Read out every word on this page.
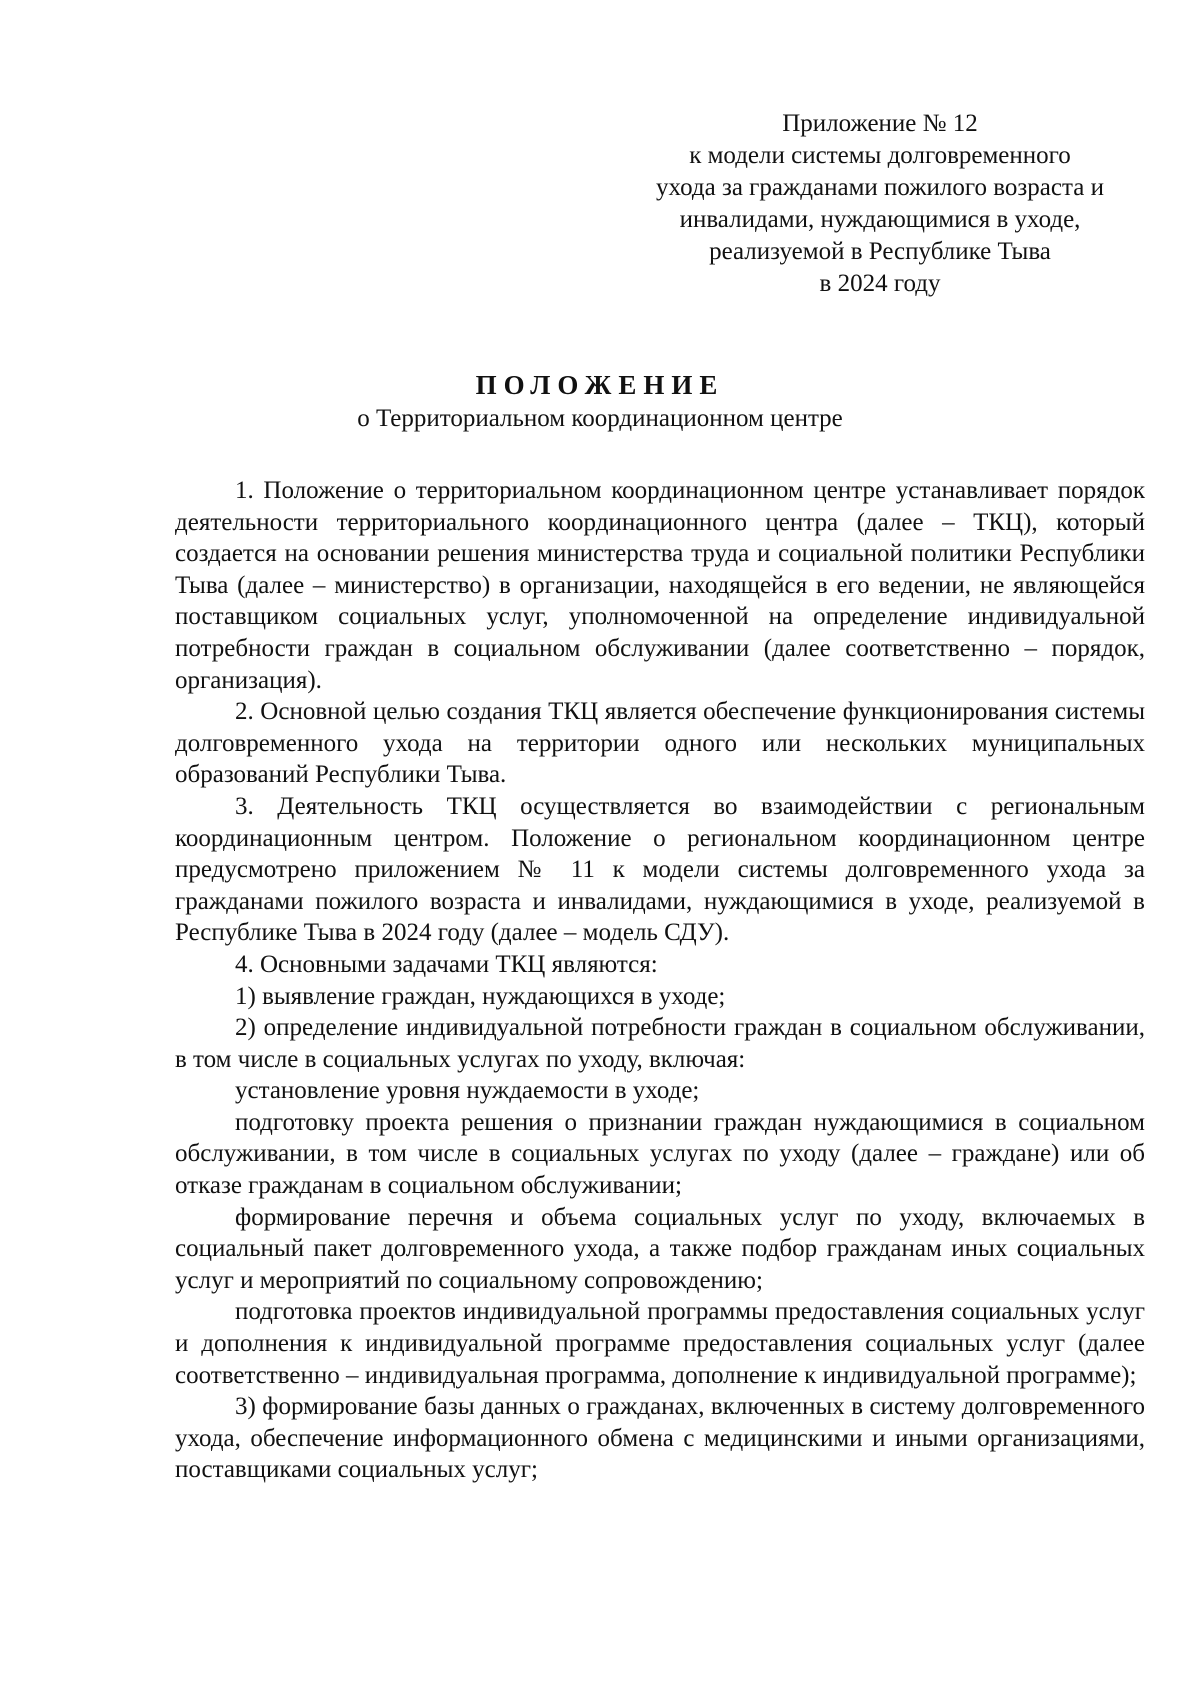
Приложение № 12
к модели системы долговременного
ухода за гражданами пожилого возраста и
инвалидами, нуждающимися в уходе,
реализуемой в Республике Тыва
в 2024 году
ПОЛОЖЕНИЕ
о Территориальном координационном центре

1. Положение о территориальном координационном центре устанавливает порядок деятельности территориального координационного центра (далее – ТКЦ), который создается на основании решения министерства труда и социальной политики Республики Тыва (далее – министерство) в организации, находящейся в его ведении, не являющейся поставщиком социальных услуг, уполномоченной на определение индивидуальной потребности граждан в социальном обслуживании (далее соответственно – порядок, организация).

2. Основной целью создания ТКЦ является обеспечение функционирования системы долговременного ухода на территории одного или нескольких муниципальных образований Республики Тыва.

3. Деятельность ТКЦ осуществляется во взаимодействии с региональным координационным центром. Положение о региональном координационном центре предусмотрено приложением № 11 к модели системы долговременного ухода за гражданами пожилого возраста и инвалидами, нуждающимися в уходе, реализуемой в Республике Тыва в 2024 году (далее – модель СДУ).

4. Основными задачами ТКЦ являются:

1) выявление граждан, нуждающихся в уходе;

2) определение индивидуальной потребности граждан в социальном обслуживании, в том числе в социальных услугах по уходу, включая:

установление уровня нуждаемости в уходе;

подготовку проекта решения о признании граждан нуждающимися в социальном обслуживании, в том числе в социальных услугах по уходу (далее – граждане) или об отказе гражданам в социальном обслуживании;

формирование перечня и объема социальных услуг по уходу, включаемых в социальный пакет долговременного ухода, а также подбор гражданам иных социальных услуг и мероприятий по социальному сопровождению;

подготовка проектов индивидуальной программы предоставления социальных услуг и дополнения к индивидуальной программе предоставления социальных услуг (далее соответственно – индивидуальная программа, дополнение к индивидуальной программе);

3) формирование базы данных о гражданах, включенных в систему долговременного ухода, обеспечение информационного обмена с медицинскими и иными организациями, поставщиками социальных услуг;
